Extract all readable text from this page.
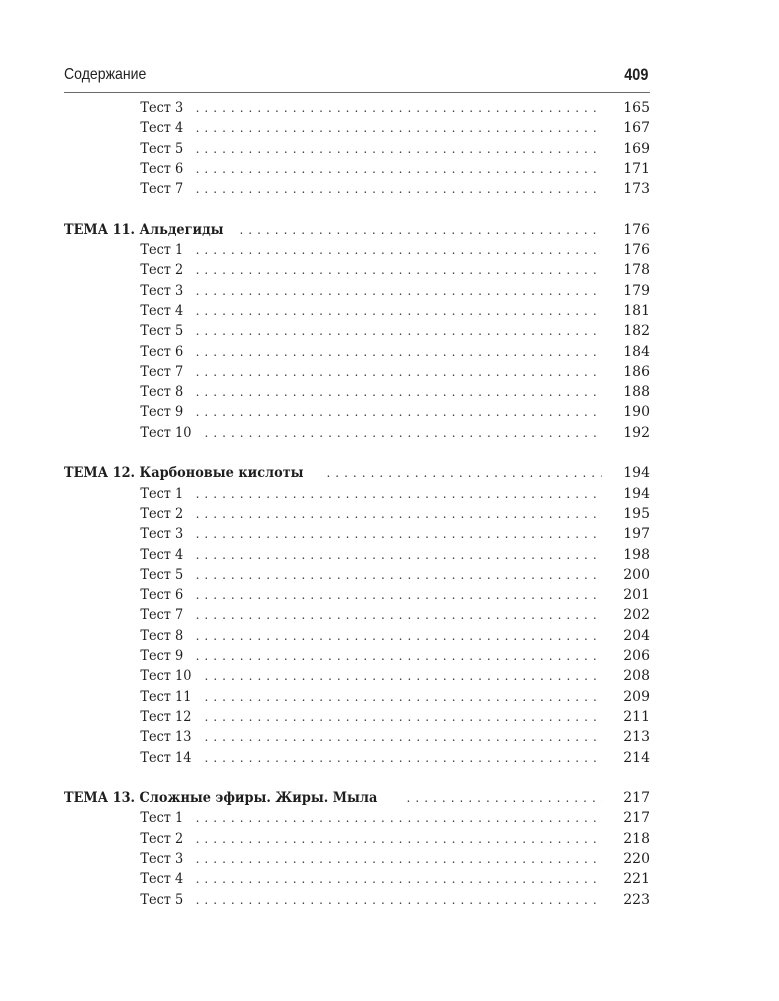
Содержание	409
Тест 3 . . .	165
Тест 4 . . .	167
Тест 5 . . .	169
Тест 6 . . .	171
Тест 7 . . .	173
ТЕМА 11. Альдегиды . . .	176
Тест 1 . . .	176
Тест 2 . . .	178
Тест 3 . . .	179
Тест 4 . . .	181
Тест 5 . . .	182
Тест 6 . . .	184
Тест 7 . . .	186
Тест 8 . . .	188
Тест 9 . . .	190
Тест 10 . . .	192
ТЕМА 12. Карбоновые кислоты . . .	194
Тест 1 . . .	194
Тест 2 . . .	195
Тест 3 . . .	197
Тест 4 . . .	198
Тест 5 . . .	200
Тест 6 . . .	201
Тест 7 . . .	202
Тест 8 . . .	204
Тест 9 . . .	206
Тест 10 . . .	208
Тест 11 . . .	209
Тест 12 . . .	211
Тест 13 . . .	213
Тест 14 . . .	214
ТЕМА 13. Сложные эфиры. Жиры. Мыла . . .	217
Тест 1 . . .	217
Тест 2 . . .	218
Тест 3 . . .	220
Тест 4 . . .	221
Тест 5 . . .	223
